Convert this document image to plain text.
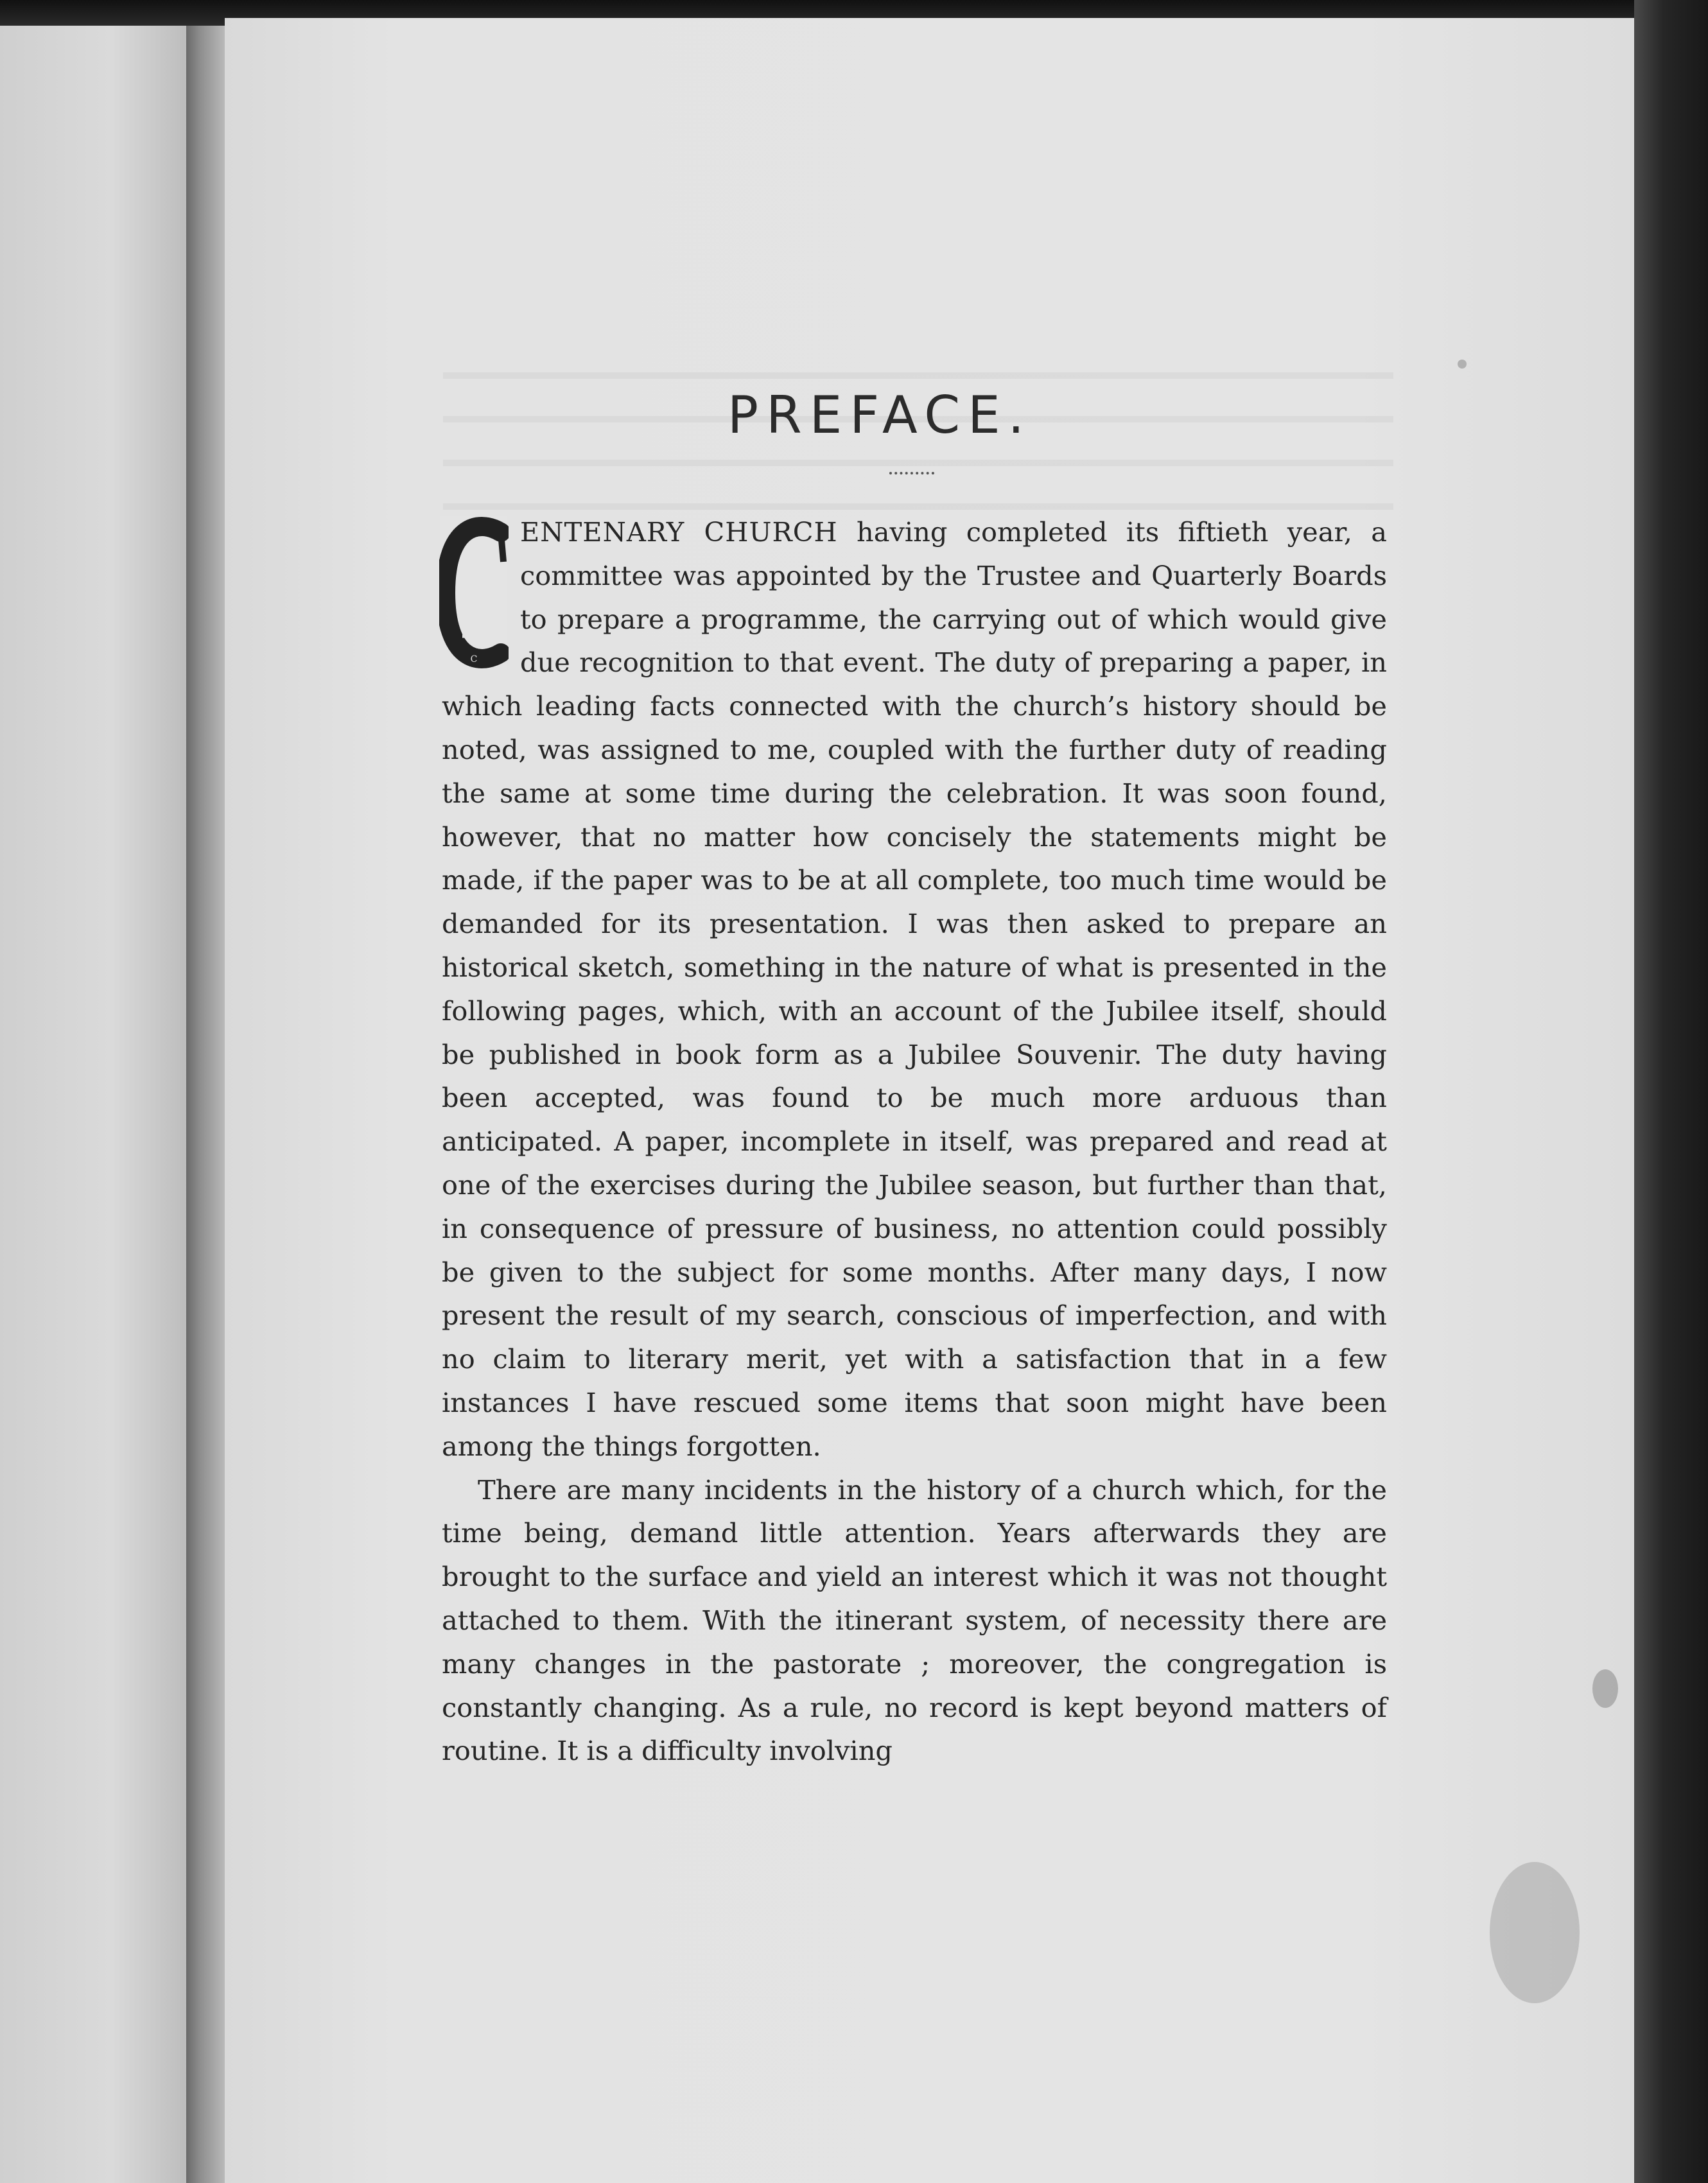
PREFACE.

C
ENTENARY CHURCH having completed its fiftieth year, a committee was appointed by the Trustee and Quarterly Boards to prepare a programme, the carrying out of which would give due recognition to that event. The duty of preparing a paper, in which leading facts connected with the church’s history should be noted, was assigned to me, coupled with the further duty of reading the same at some time during the celebration. It was soon found, however, that no matter how concisely the statements might be made, if the paper was to be at all complete, too much time would be demanded for its presentation. I was then asked to prepare an historical sketch, something in the nature of what is presented in the following pages, which, with an account of the Jubilee itself, should be published in book form as a Jubilee Souvenir. The duty having been accepted, was found to be much more arduous than anticipated. A paper, incomplete in itself, was prepared and read at one of the exercises during the Jubilee season, but further than that, in consequence of pressure of business, no attention could possibly be given to the subject for some months. After many days, I now present the result of my search, conscious of imperfection, and with no claim to literary merit, yet with a satisfaction that in a few instances I have rescued some items that soon might have been among the things forgotten.

There are many incidents in the history of a church which, for the time being, demand little attention. Years afterwards they are brought to the surface and yield an interest which it was not thought attached to them. With the itinerant system, of necessity there are many changes in the pastorate ; moreover, the congregation is constantly changing. As a rule, no record is kept beyond matters of routine. It is a difficulty involving
